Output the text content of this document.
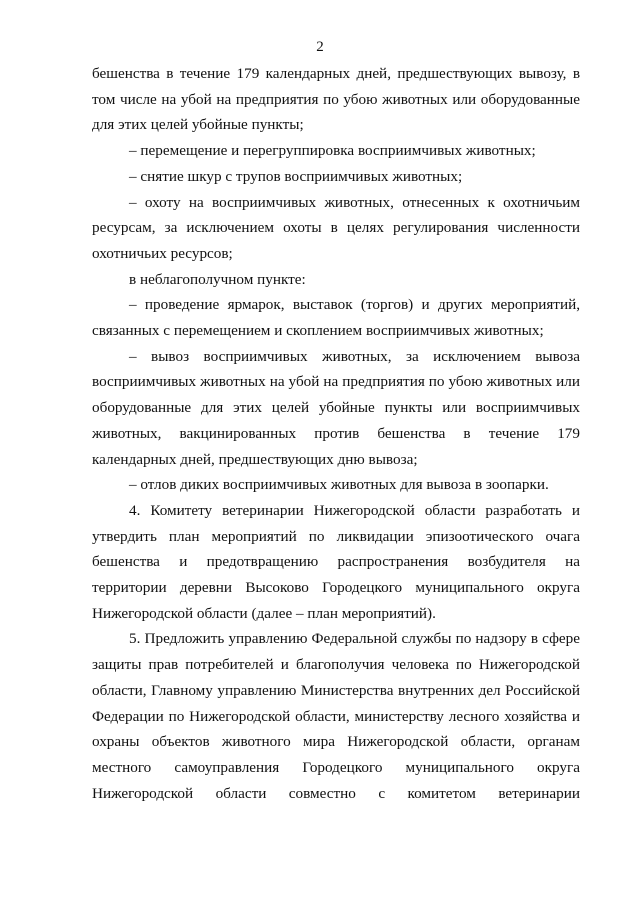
2

бешенства в течение 179 календарных дней, предшествующих вывозу, в том числе на убой на предприятия по убою животных или оборудованные для этих целей убойные пункты;

– перемещение и перегруппировка восприимчивых животных;

– снятие шкур с трупов восприимчивых животных;

– охоту на восприимчивых животных, отнесенных к охотничьим ресурсам, за исключением охоты в целях регулирования численности охотничьих ресурсов;

в неблагополучном пункте:

– проведение ярмарок, выставок (торгов) и других мероприятий, связанных с перемещением и скоплением восприимчивых животных;

– вывоз восприимчивых животных, за исключением вывоза восприимчивых животных на убой на предприятия по убою животных или оборудованные для этих целей убойные пункты или восприимчивых животных, вакцинированных против бешенства в течение 179 календарных дней, предшествующих дню вывоза;

– отлов диких восприимчивых животных для вывоза в зоопарки.

4. Комитету ветеринарии Нижегородской области разработать и утвердить план мероприятий по ликвидации эпизоотического очага бешенства и предотвращению распространения возбудителя на территории деревни Высоково Городецкого муниципального округа Нижегородской области (далее – план мероприятий).

5. Предложить управлению Федеральной службы по надзору в сфере защиты прав потребителей и благополучия человека по Нижегородской области, Главному управлению Министерства внутренних дел Российской Федерации по Нижегородской области, министерству лесного хозяйства и охраны объектов животного мира Нижегородской области, органам местного самоуправления Городецкого муниципального округа Нижегородской области совместно с комитетом ветеринарии
